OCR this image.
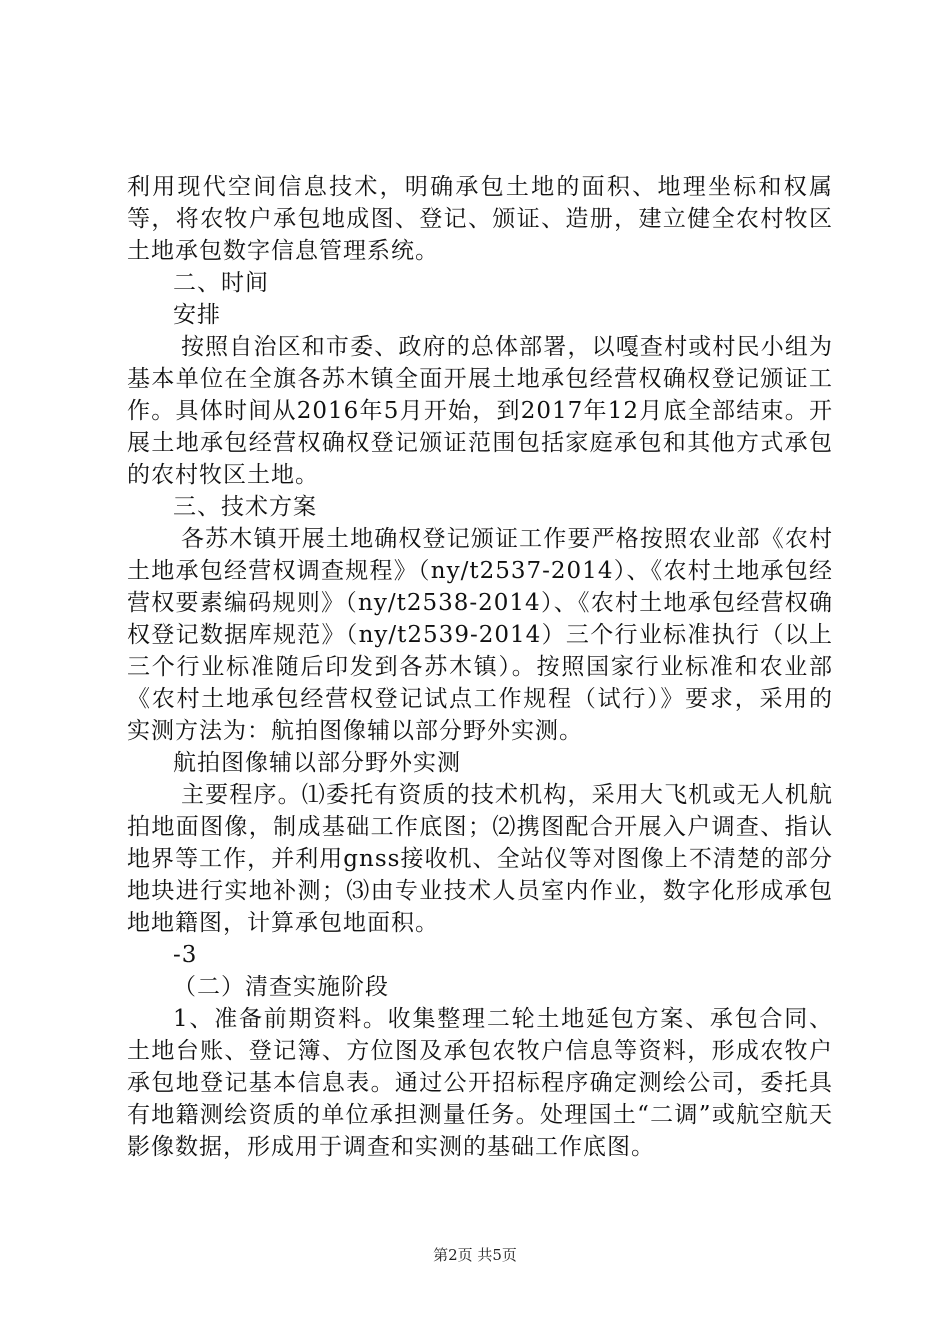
利用现代空间信息技术，明确承包土地的面积、地理坐标和权属等，将农牧户承包地成图、登记、颁证、造册，建立健全农村牧区土地承包数字信息管理系统。

二、时间

安排

按照自治区和市委、政府的总体部署，以嘎查村或村民小组为基本单位在全旗各苏木镇全面开展土地承包经营权确权登记颁证工作。具体时间从2016年5月开始，到2017年12月底全部结束。开展土地承包经营权确权登记颁证范围包括家庭承包和其他方式承包的农村牧区土地。

三、技术方案

各苏木镇开展土地确权登记颁证工作要严格按照农业部《农村土地承包经营权调查规程》（ny/t2537-2014）、《农村土地承包经营权要素编码规则》（ny/t2538-2014）、《农村土地承包经营权确权登记数据库规范》（ny/t2539-2014）三个行业标准执行（以上三个行业标准随后印发到各苏木镇）。按照国家行业标准和农业部《农村土地承包经营权登记试点工作规程（试行）》要求，采用的实测方法为：航拍图像辅以部分野外实测。

航拍图像辅以部分野外实测

主要程序。⑴委托有资质的技术机构，采用大飞机或无人机航拍地面图像，制成基础工作底图；⑵携图配合开展入户调查、指认地界等工作，并利用gnss接收机、全站仪等对图像上不清楚的部分地块进行实地补测；⑶由专业技术人员室内作业，数字化形成承包地地籍图，计算承包地面积。

-3

（二）清查实施阶段

1、准备前期资料。收集整理二轮土地延包方案、承包合同、土地台账、登记簿、方位图及承包农牧户信息等资料，形成农牧户承包地登记基本信息表。通过公开招标程序确定测绘公司，委托具有地籍测绘资质的单位承担测量任务。处理国土“二调”或航空航天影像数据，形成用于调查和实测的基础工作底图。

第2页 共5页
